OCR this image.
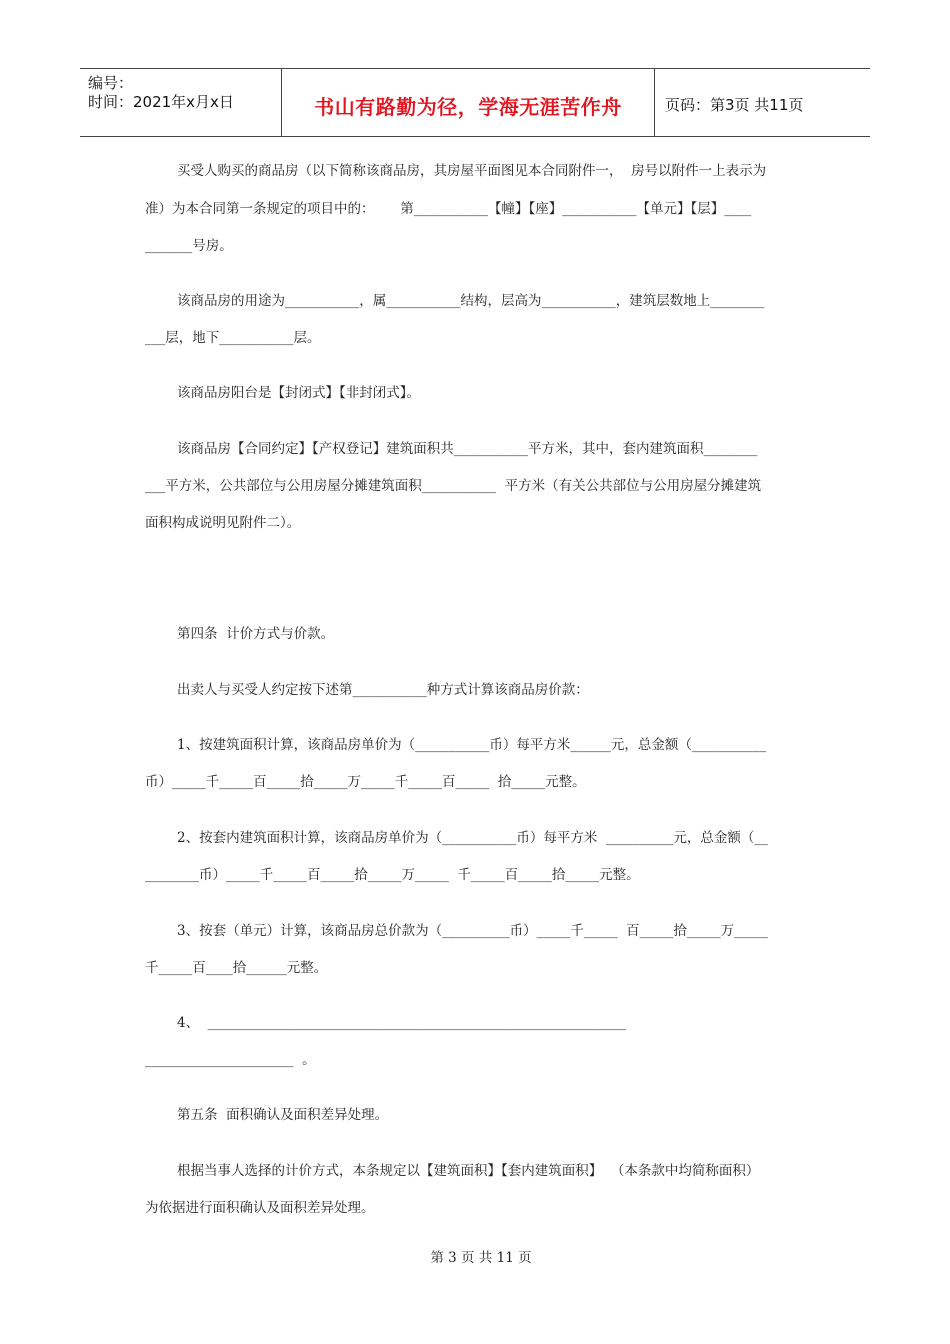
编号：
时间：2021年x月x日	书山有路勤为径，学海无涯苦作舟	页码：第3页 共11页
买受人购买的商品房（以下简称该商品房，其房屋平面图见本合同附件一，  房号以附件一上表示为
准）为本合同第一条规定的项目中的：      第___________【幢】【座】___________【单元】【层】____
_______号房。
该商品房的用途为___________，属___________结构，层高为___________，建筑层数地上________
___层，地下___________层。
该商品房阳台是【封闭式】【非封闭式】。
该商品房【合同约定】【产权登记】建筑面积共___________平方米，其中，套内建筑面积________
___平方米，公共部位与公用房屋分摊建筑面积___________  平方米（有关公共部位与公用房屋分摊建筑
面积构成说明见附件二）。
第四条  计价方式与价款。
出卖人与买受人约定按下述第___________种方式计算该商品房价款：
1、按建筑面积计算，该商品房单价为（___________币）每平方米______元，总金额（___________
币）_____千_____百_____拾_____万_____千_____百_____  拾_____元整。
2、按套内建筑面积计算，该商品房单价为（___________币）每平方米  __________元，总金额（__
________币）_____千_____百_____拾_____万_____  千_____百_____拾_____元整。
3、按套（单元）计算，该商品房总价款为（__________币）_____千_____  百_____拾_____万_____
千_____百____拾______元整。
4、  ______________________________________________________________
______________________  。
第五条  面积确认及面积差异处理。
根据当事人选择的计价方式，本条规定以【建筑面积】【套内建筑面积】  （本条款中均简称面积）
为依据进行面积确认及面积差异处理。
第 3 页 共 11 页
